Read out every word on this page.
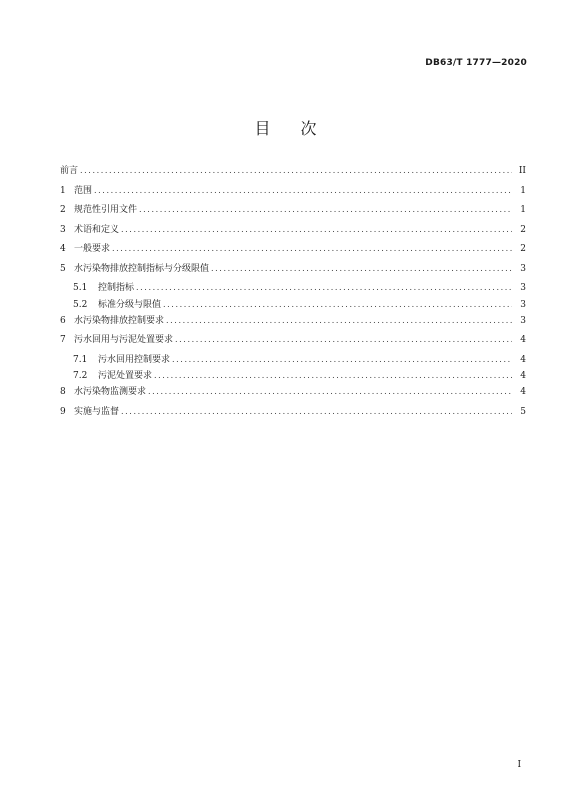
DB63/T 1777—2020
目 次
前言 .....	II
1 范围 .....	1
2 规范性引用文件 .....	1
3 术语和定义 .....	2
4 一般要求 .....	2
5 水污染物排放控制指标与分级限值 .....	3
5.1	控制指标 .....	3
5.2	标准分级与限值 .....	3
6 水污染物排放控制要求 .....	3
7 污水回用与污泥处置要求 .....	4
7.1	污水回用控制要求 .....	4
7.2	污泥处置要求 .....	4
8 水污染物监测要求 .....	4
9 实施与监督 .....	5
I
